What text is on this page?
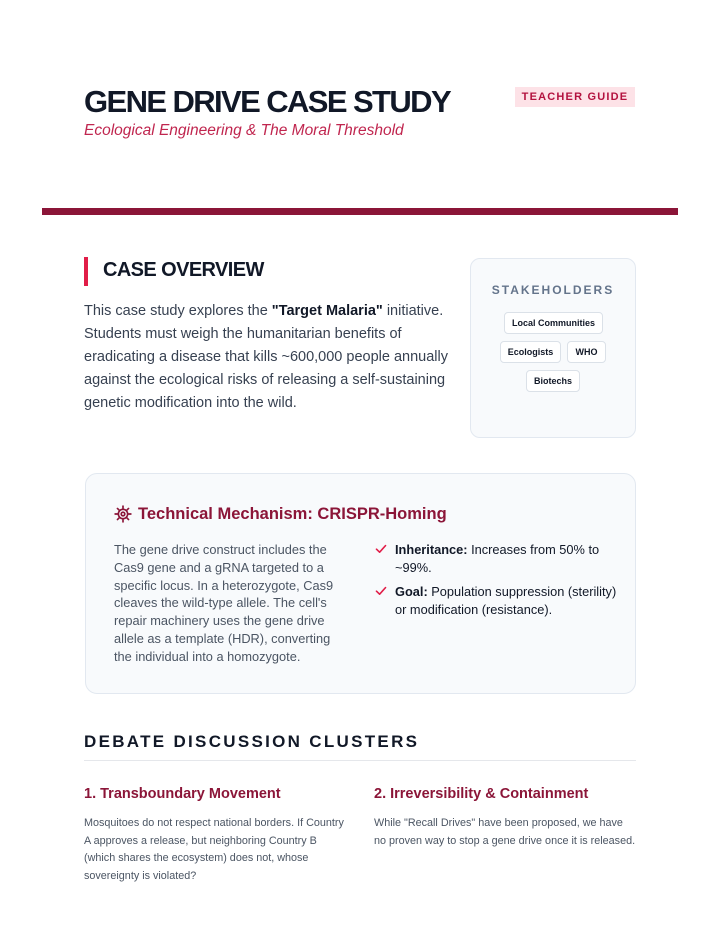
GENE DRIVE CASE STUDY
Ecological Engineering & The Moral Threshold
TEACHER GUIDE
CASE OVERVIEW

This case study explores the "Target Malaria" initiative. Students must weigh the humanitarian benefits of eradicating a disease that kills ~600,000 people annually against the ecological risks of releasing a self-sustaining genetic modification into the wild.

STAKEHOLDERS
Local Communities
Ecologists	WHO
Biotechs
Technical Mechanism: CRISPR-Homing

The gene drive construct includes the Cas9 gene and a gRNA targeted to a specific locus. In a heterozygote, Cas9 cleaves the wild-type allele. The cell's repair machinery uses the gene drive allele as a template (HDR), converting the individual into a homozygote.

Inheritance: Increases from 50% to ~99%.

Goal: Population suppression (sterility) or modification (resistance).

DEBATE DISCUSSION CLUSTERS
1. Transboundary Movement

Mosquitoes do not respect national borders. If Country A approves a release, but neighboring Country B (which shares the ecosystem) does not, whose sovereignty is violated?

2. Irreversibility & Containment

While "Recall Drives" have been proposed, we have no proven way to stop a gene drive once it is released.
